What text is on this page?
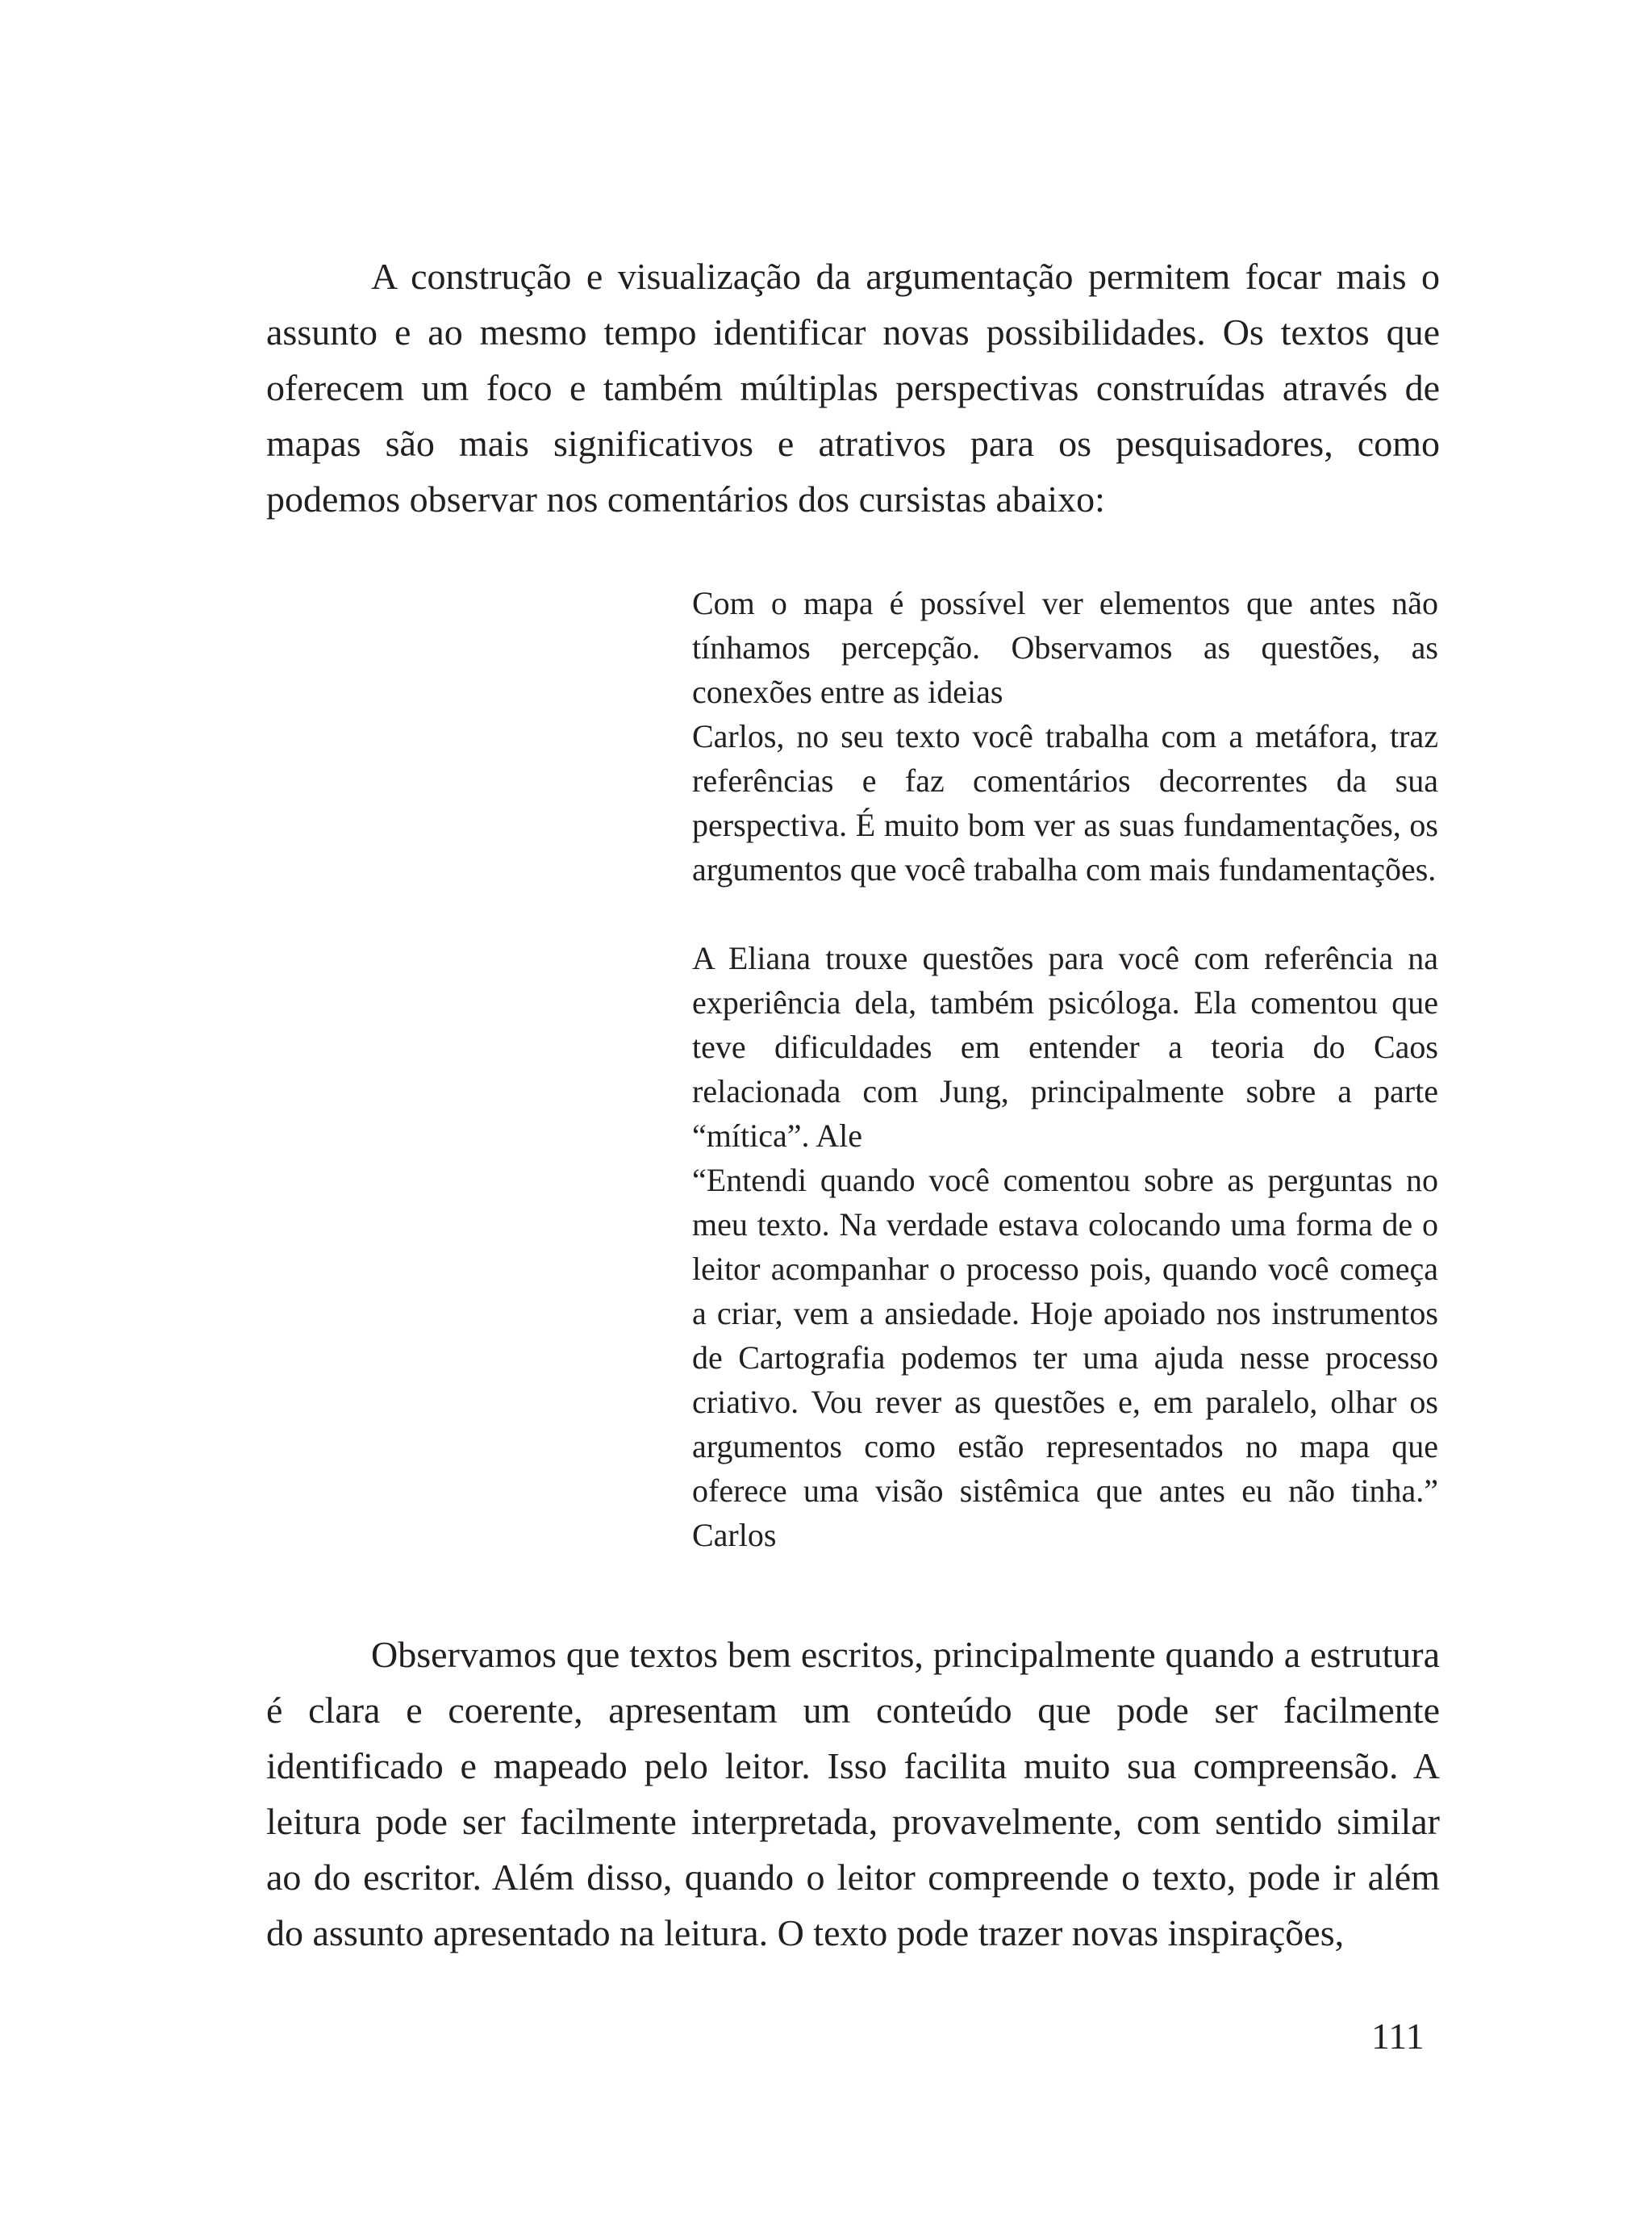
A construção e visualização da argumentação permitem focar mais o assunto e ao mesmo tempo identificar novas possibilidades. Os textos que oferecem um foco e também múltiplas perspectivas construídas através de mapas são mais significativos e atrativos para os pesquisadores, como podemos observar nos comentários dos cursistas abaixo:

Com o mapa é possível ver elementos que antes não tínhamos percepção. Observamos as questões, as conexões entre as ideias

Carlos, no seu texto você trabalha com a metáfora, traz referências e faz comentários decorrentes da sua perspectiva. É muito bom ver as suas fundamentações, os argumentos que você trabalha com mais fundamentações.

A Eliana trouxe questões para você com referência na experiência dela, também psicóloga. Ela comentou que teve dificuldades em entender a teoria do Caos relacionada com Jung, principalmente sobre a parte “mítica”. Ale

“Entendi quando você comentou sobre as perguntas no meu texto. Na verdade estava colocando uma forma de o leitor acompanhar o processo pois, quando você começa a criar, vem a ansiedade. Hoje apoiado nos instrumentos de Cartografia podemos ter uma ajuda nesse processo criativo. Vou rever as questões e, em paralelo, olhar os argumentos como estão representados no mapa que oferece uma visão sistêmica que antes eu não tinha.” Carlos

Observamos que textos bem escritos, principalmente quando a estrutura é clara e coerente, apresentam um conteúdo que pode ser facilmente identificado e mapeado pelo leitor. Isso facilita muito sua compreensão. A leitura pode ser facilmente interpretada, provavelmente, com sentido similar ao do escritor. Além disso, quando o leitor compreende o texto, pode ir além do assunto apresentado na leitura. O texto pode trazer novas inspirações,

111
